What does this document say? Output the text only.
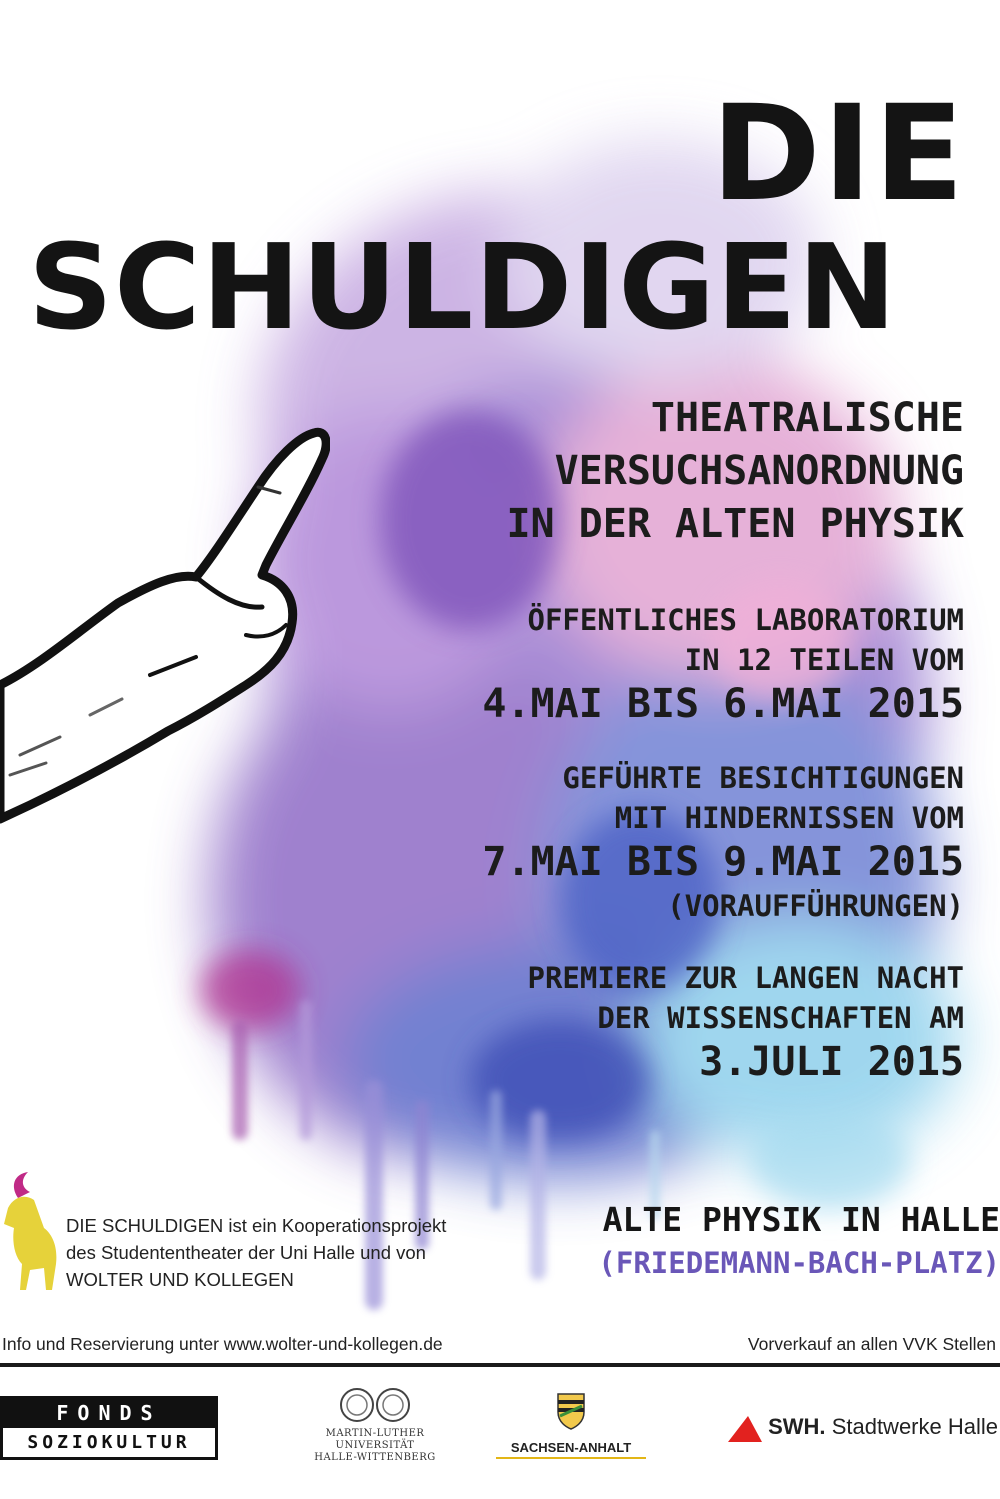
DIE
SCHULDIGEN
THEATRALISCHE
VERSUCHSANORDNUNG
IN DER ALTEN PHYSIK
ÖFFENTLICHES LABORATORIUM
IN 12 TEILEN VOM
4.MAI BIS 6.MAI 2015
GEFÜHRTE BESICHTIGUNGEN
MIT HINDERNISSEN VOM
7.MAI BIS 9.MAI 2015
(VORAUFFÜHRUNGEN)
PREMIERE ZUR LANGEN NACHT
DER WISSENSCHAFTEN AM
3.JULI 2015
DIE SCHULDIGEN ist ein Kooperationsprojekt
des Studententheater der Uni Halle und von
WOLTER UND KOLLEGEN
ALTE PHYSIK IN HALLE
(FRIEDEMANN-BACH-PLATZ)
Info und Reservierung unter www.wolter-und-kollegen.de	Vorverkauf an allen VVK Stellen
FONDS
SOZIOKULTUR	MARTIN-LUTHER
UNIVERSITÄT
HALLE-WITTENBERG
SACHSEN-ANHALT
SWH. Stadtwerke Halle
